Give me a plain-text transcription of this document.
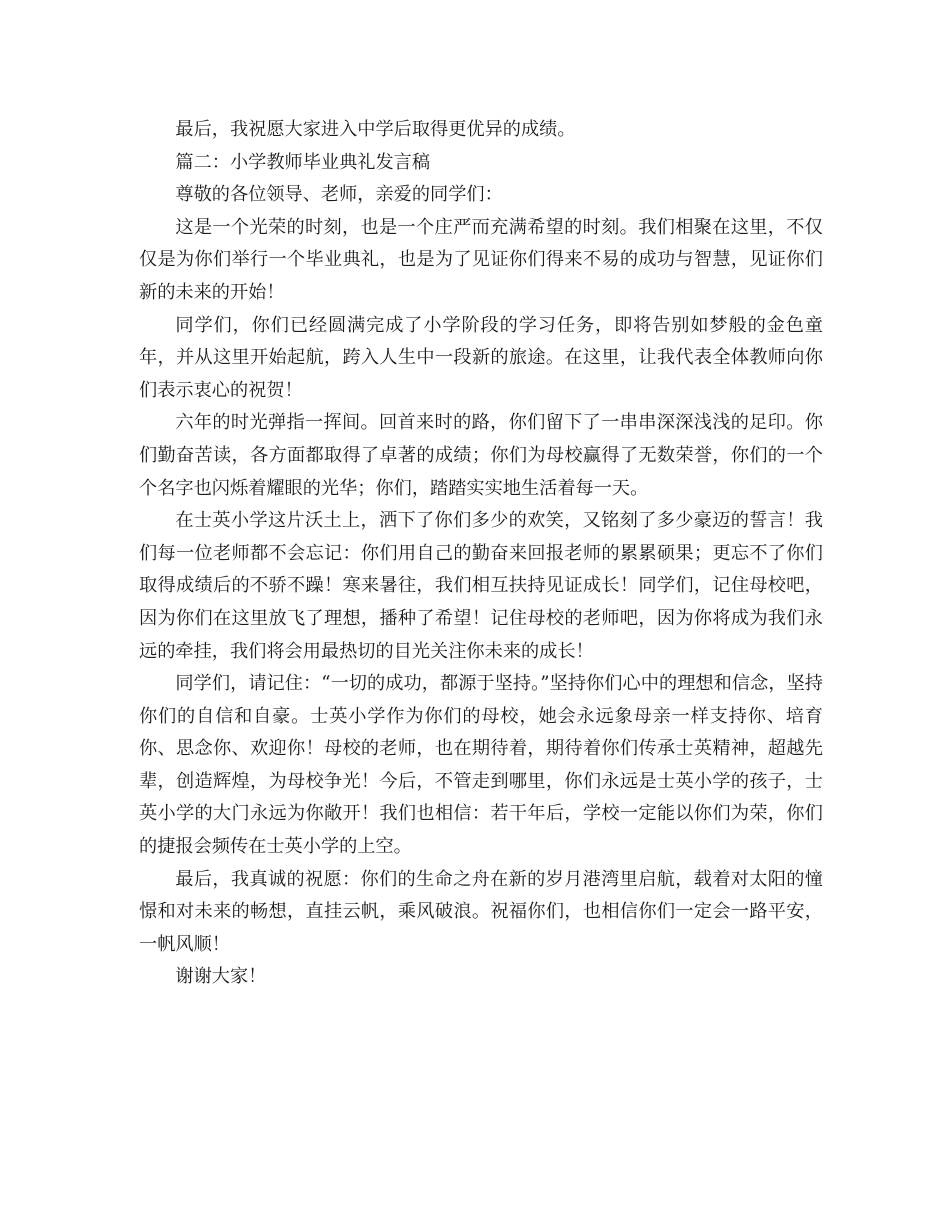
最后，我祝愿大家进入中学后取得更优异的成绩。

篇二：小学教师毕业典礼发言稿

尊敬的各位领导、老师，亲爱的同学们：

这是一个光荣的时刻，也是一个庄严而充满希望的时刻。我们相聚在这里，不仅仅是为你们举行一个毕业典礼，也是为了见证你们得来不易的成功与智慧，见证你们新的未来的开始！

同学们，你们已经圆满完成了小学阶段的学习任务，即将告别如梦般的金色童年，并从这里开始起航，跨入人生中一段新的旅途。在这里，让我代表全体教师向你们表示衷心的祝贺！

六年的时光弹指一挥间。回首来时的路，你们留下了一串串深深浅浅的足印。你们勤奋苦读，各方面都取得了卓著的成绩；你们为母校赢得了无数荣誉，你们的一个个名字也闪烁着耀眼的光华；你们，踏踏实实地生活着每一天。

在士英小学这片沃土上，洒下了你们多少的欢笑，又铭刻了多少豪迈的誓言！我们每一位老师都不会忘记：你们用自己的勤奋来回报老师的累累硕果；更忘不了你们取得成绩后的不骄不躁！寒来暑往，我们相互扶持见证成长！同学们，记住母校吧，因为你们在这里放飞了理想，播种了希望！记住母校的老师吧，因为你将成为我们永远的牵挂，我们将会用最热切的目光关注你未来的成长！

同学们，请记住：“一切的成功，都源于坚持。”坚持你们心中的理想和信念，坚持你们的自信和自豪。士英小学作为你们的母校，她会永远象母亲一样支持你、培育你、思念你、欢迎你！母校的老师，也在期待着，期待着你们传承士英精神，超越先辈，创造辉煌，为母校争光！今后，不管走到哪里，你们永远是士英小学的孩子，士英小学的大门永远为你敞开！我们也相信：若干年后，学校一定能以你们为荣，你们的捷报会频传在士英小学的上空。

最后，我真诚的祝愿：你们的生命之舟在新的岁月港湾里启航，载着对太阳的憧憬和对未来的畅想，直挂云帆，乘风破浪。祝福你们，也相信你们一定会一路平安，一帆风顺！

谢谢大家！
